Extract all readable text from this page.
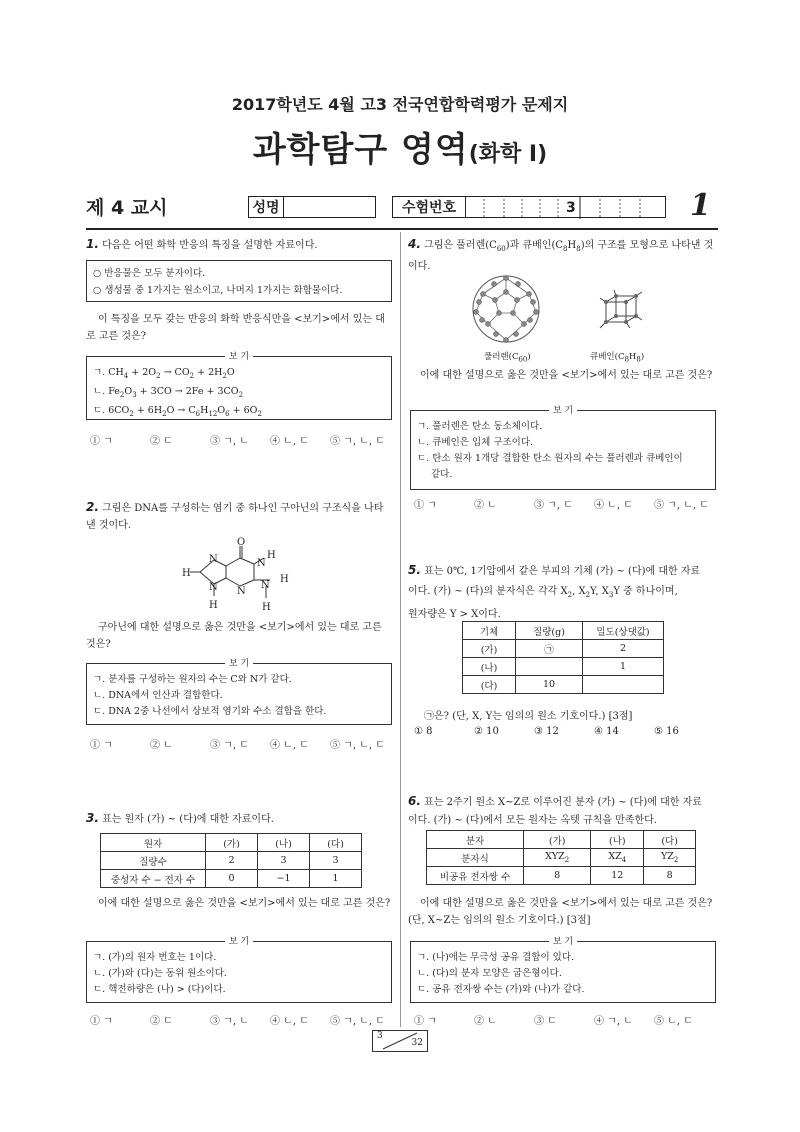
2017학년도 4월 고3 전국연합학력평가 문제지
과학탐구 영역(화학 Ⅰ)
제 4 교시	성명	수험번호	3	1
1. 다음은 어떤 화학 반응의 특징을 설명한 자료이다.
○ 반응물은 모두 분자이다.
○ 생성물 중 1가지는 원소이고, 나머지 1가지는 화합물이다.
이 특징을 모두 갖는 반응의 화학 반응식만을 <보기>에서 있는 대로 고른 것은?
보 기
ㄱ. $CH_4 + 2O_2 \to CO_2 + 2H_2O$
ㄴ. $Fe_2O_3 + 3CO \to 2Fe + 3CO_2$
ㄷ. $6CO_2 + 6H_2O \to C_6H_{12}O_6 + 6O_2$
① ㄱ	② ㄷ	③ ㄱ, ㄴ ④ ㄴ, ㄷ ⑤ ㄱ, ㄴ, ㄷ
2. 그림은 DNA를 구성하는 염기 중 하나인 구아닌의 구조식을 나타낸 것이다.
N
O
H
N
H
N N
H
N
H	H
구아닌에 대한 설명으로 옳은 것만을 <보기>에서 있는 대로 고른 것은?
보 기
ㄱ. 분자를 구성하는 원자의 수는 C와 N가 같다.
ㄴ. DNA에서 인산과 결합한다.
ㄷ. DNA 2중 나선에서 상보적 염기와 수소 결합을 한다.
① ㄱ	② ㄴ	③ ㄱ, ㄷ ④ ㄴ, ㄷ ⑤ ㄱ, ㄴ, ㄷ
3. 표는 원자 (가) ~ (다)에 대한 자료이다.
원자	(가)	(나)	(다)
질량수	2	3	3
중성자 수 − 전자 수	0	−1	1
이에 대한 설명으로 옳은 것만을 <보기>에서 있는 대로 고른 것은?
보 기
ㄱ. (가)의 원자 번호는 1이다.
ㄴ. (가)와 (다)는 동위 원소이다.
ㄷ. 핵전하량은 (나) > (다)이다.
① ㄱ	② ㄷ	③ ㄱ, ㄴ ④ ㄴ, ㄷ ⑤ ㄱ, ㄴ, ㄷ
4. 그림은 풀러렌$(C_{60})$과 큐베인$(C_8H_8)$의 구조를 모형으로 나타낸 것이다.
풀러렌$(C_{60})$	큐베인$(C_8H_8)$
이에 대한 설명으로 옳은 것만을 <보기>에서 있는 대로 고른 것은?
보 기
ㄱ. 풀러렌은 탄소 동소체이다.
ㄴ. 큐베인은 입체 구조이다.
ㄷ. 탄소 원자 1개당 결합한 탄소 원자의 수는 풀러렌과 큐베인이
같다.
① ㄱ	② ㄴ	③ ㄱ, ㄷ ④ ㄴ, ㄷ ⑤ ㄱ, ㄴ, ㄷ
5. 표는 0℃, 1기압에서 같은 부피의 기체 (가) ~ (다)에 대한 자료
이다. (가) ~ (다)의 분자식은 각각 $X_2$, $X_2Y$, $X_3Y$ 중 하나이며,
원자량은 Y > X이다.
기체	질량(g)	밀도(상댓값)
(가)	㉠	2
(나)		1
(다)	10	
㉠은? (단, X, Y는 임의의 원소 기호이다.) [3점]
① 8	② 10	③ 12	④ 14	⑤ 16
6. 표는 2주기 원소 X~Z로 이루어진 분자 (가) ~ (다)에 대한 자료
이다. (가) ~ (다)에서 모든 원자는 옥텟 규칙을 만족한다.
분자	(가)	(나)	(다)
분자식	$XYZ_2$	$XZ_4$	$YZ_2$
비공유 전자쌍 수	8	12	8
이에 대한 설명으로 옳은 것만을 <보기>에서 있는 대로 고른 것은? (단, X~Z는 임의의 원소 기호이다.) [3점]
보 기
ㄱ. (나)에는 무극성 공유 결합이 있다.
ㄴ. (다)의 분자 모양은 굽은형이다.
ㄷ. 공유 전자쌍 수는 (가)와 (나)가 같다.
① ㄱ	② ㄴ	③ ㄷ	④ ㄱ, ㄴ ⑤ ㄴ, ㄷ
3
32
